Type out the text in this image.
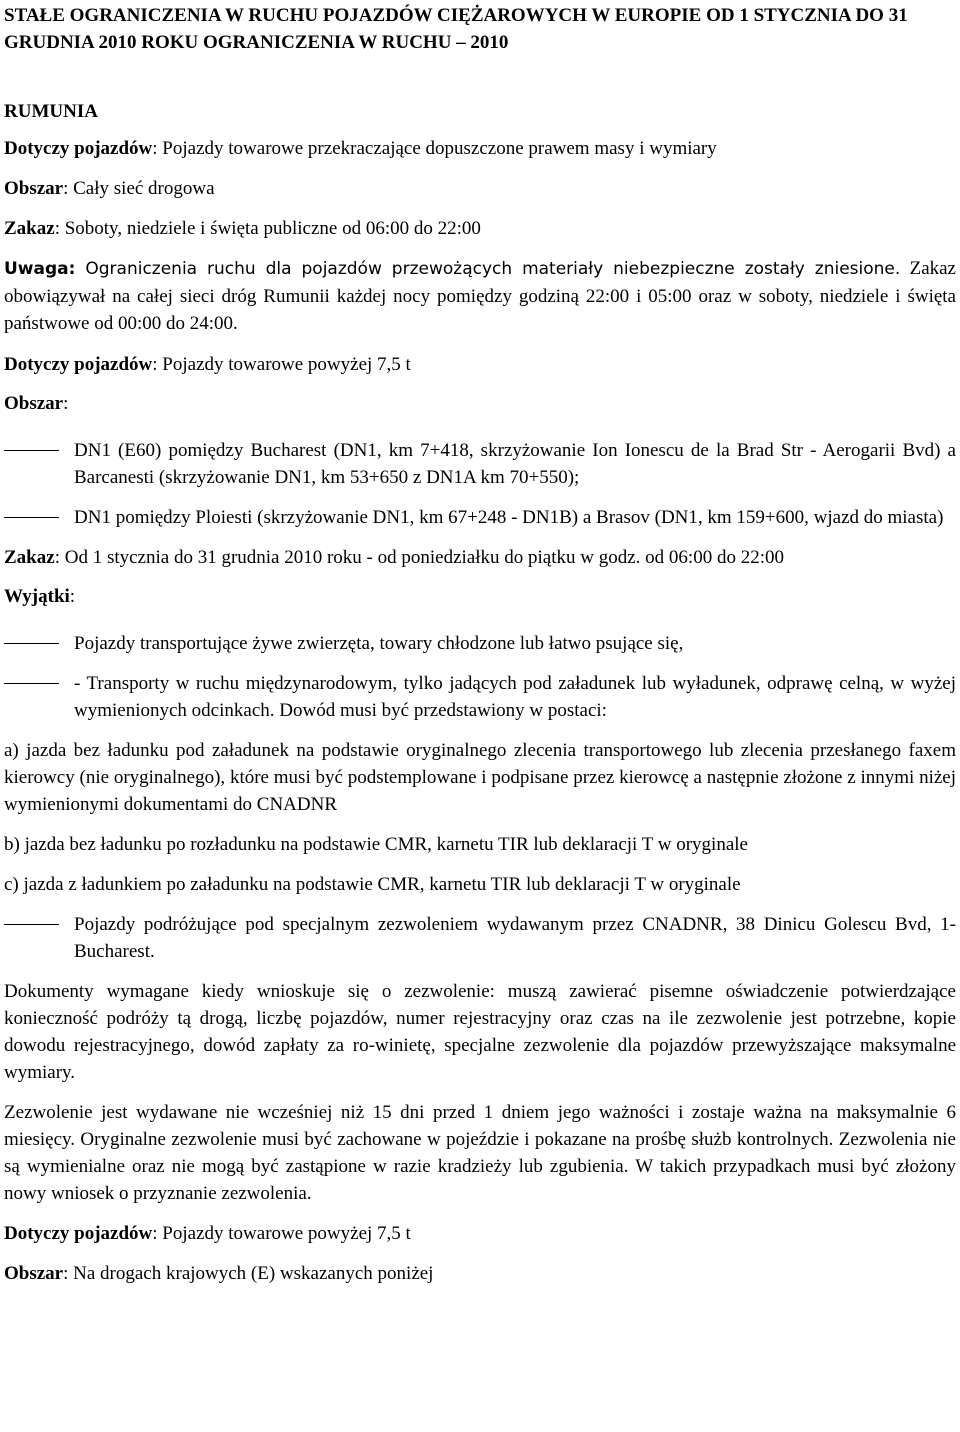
STAŁE OGRANICZENIA W RUCHU POJAZDÓW CIĘŻAROWYCH W EUROPIE OD 1 STYCZNIA DO 31 GRUDNIA 2010 ROKU OGRANICZENIA W RUCHU – 2010
RUMUNIA

Dotyczy pojazdów: Pojazdy towarowe przekraczające dopuszczone prawem masy i wymiary

Obszar: Cały sieć drogowa

Zakaz: Soboty, niedziele i święta publiczne od 06:00 do 22:00

Uwaga: Ograniczenia ruchu dla pojazdów przewożących materiały niebezpieczne zostały zniesione. Zakaz obowiązywał na całej sieci dróg Rumunii każdej nocy pomiędzy godziną 22:00 i 05:00 oraz w soboty, niedziele i święta państwowe od 00:00 do 24:00.

Dotyczy pojazdów: Pojazdy towarowe powyżej 7,5 t

Obszar:

DN1 (E60) pomiędzy Bucharest (DN1, km 7+418, skrzyżowanie Ion Ionescu de la Brad Str - Aerogarii Bvd) a Barcanesti (skrzyżowanie DN1, km 53+650 z DN1A km 70+550);
DN1 pomiędzy Ploiesti (skrzyżowanie DN1, km 67+248 - DN1B) a Brasov (DN1, km 159+600, wjazd do miasta)

Zakaz: Od 1 stycznia do 31 grudnia 2010 roku - od poniedziałku do piątku w godz. od 06:00 do 22:00

Wyjątki:

Pojazdy transportujące żywe zwierzęta, towary chłodzone lub łatwo psujące się,
- Transporty w ruchu międzynarodowym, tylko jadących pod załadunek lub wyładunek, odprawę celną, w wyżej wymienionych odcinkach. Dowód musi być przedstawiony w postaci:

a) jazda bez ładunku pod załadunek na podstawie oryginalnego zlecenia transportowego lub zlecenia przesłanego faxem kierowcy (nie oryginalnego), które musi być podstemplowane i podpisane przez kierowcę a następnie złożone z innymi niżej wymienionymi dokumentami do CNADNR

b) jazda bez ładunku po rozładunku na podstawie CMR, karnetu TIR lub deklaracji T w oryginale

c) jazda z ładunkiem po załadunku na podstawie CMR, karnetu TIR lub deklaracji T w oryginale

Pojazdy podróżujące pod specjalnym zezwoleniem wydawanym przez CNADNR, 38 Dinicu Golescu Bvd, 1-Bucharest.

Dokumenty wymagane kiedy wnioskuje się o zezwolenie: muszą zawierać pisemne oświadczenie potwierdzające konieczność podróży tą drogą, liczbę pojazdów, numer rejestracyjny oraz czas na ile zezwolenie jest potrzebne, kopie dowodu rejestracyjnego, dowód zapłaty za ro-winietę, specjalne zezwolenie dla pojazdów przewyższające maksymalne wymiary.

Zezwolenie jest wydawane nie wcześniej niż 15 dni przed 1 dniem jego ważności i zostaje ważna na maksymalnie 6 miesięcy. Oryginalne zezwolenie musi być zachowane w pojeździe i pokazane na prośbę służb kontrolnych. Zezwolenia nie są wymienialne oraz nie mogą być zastąpione w razie kradzieży lub zgubienia. W takich przypadkach musi być złożony nowy wniosek o przyznanie zezwolenia.

Dotyczy pojazdów: Pojazdy towarowe powyżej 7,5 t

Obszar: Na drogach krajowych (E) wskazanych poniżej
